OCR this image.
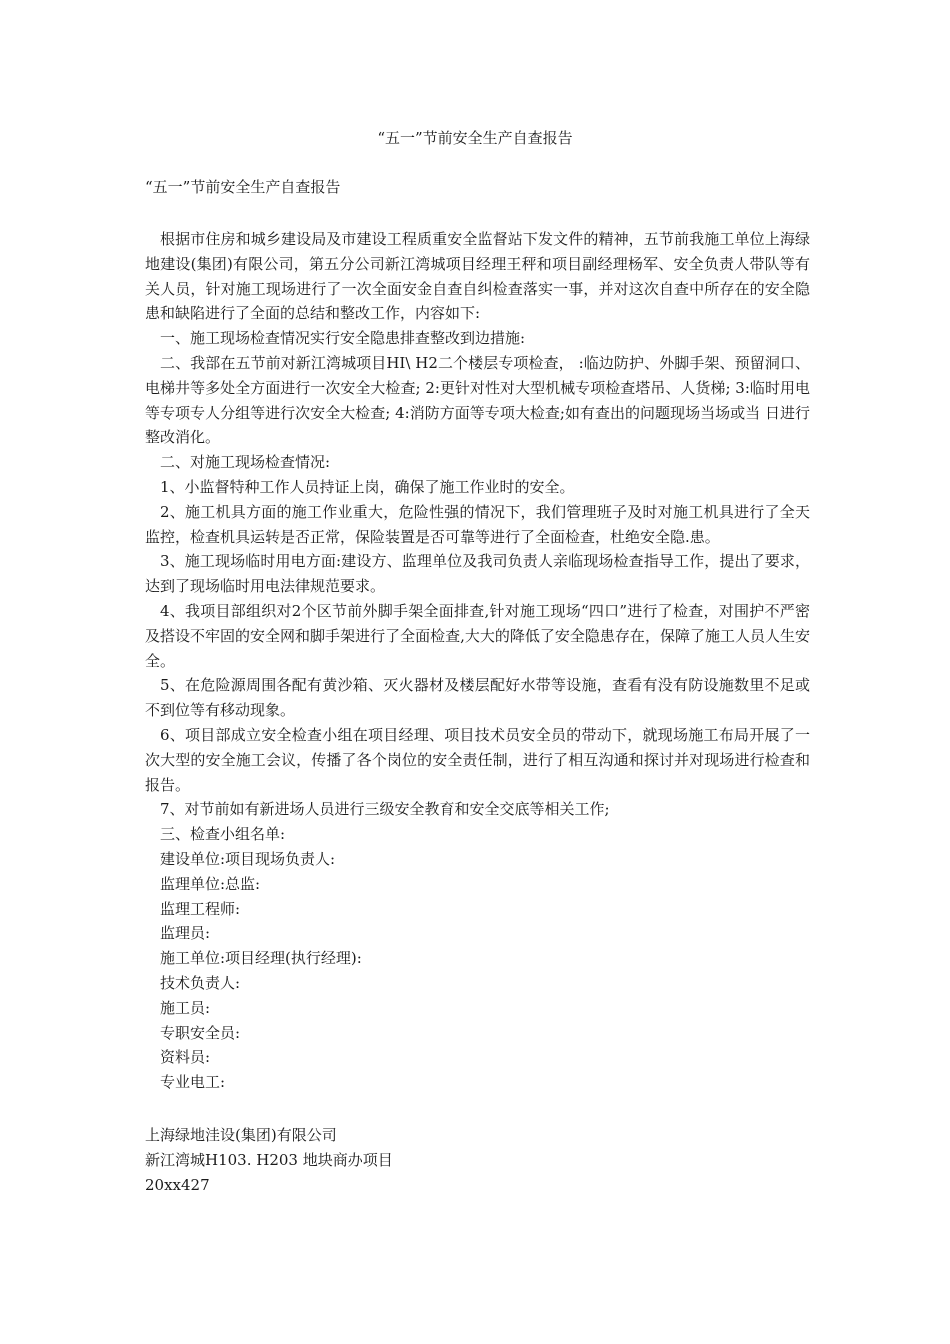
“五一”节前安全生产自查报告
“五一”节前安全生产自查报告

根据市住房和城乡建设局及市建设工程质重安全监督站下发文件的精神，五节前我施工单位上海绿地建设(集团)有限公司，第五分公司新江湾城项目经理王秤和项目副经理杨军、安全负责人带队等有关人员，针对施工现场进行了一次全面安金自查自纠检查落实一事，并对这次自查中所存在的安全隐患和缺陷进行了全面的总结和整改工作，内容如下:

一、施工现场检查情况实行安全隐患排查整改到边措施:

二、我部在五节前对新江湾城项目HI\ H2二个楼层专项检查， :临边防护、外脚手架、预留洞口、电梯井等多处全方面进行一次安全大检查; 2:更针对性对大型机械专项检查塔吊、人货梯; 3:临时用电等专项专人分组等进行次安全大检查; 4:消防方面等专项大检查;如有查出的问题现场当场或当 日进行整改消化。

二、对施工现场检查情况:

1、小监督特种工作人员持证上岗，确保了施工作业时的安全。

2、施工机具方面的施工作业重大，危险性强的情况下，我们管理班子及时对施工机具进行了全天监控，检查机具运转是否正常，保险装置是否可靠等进行了全面检查，杜绝安全隐.患。

3、施工现场临时用电方面:建设方、监理单位及我司负责人亲临现场检查指导工作，提出了要求，达到了现场临时用电法律规范要求。

4、我项目部组织对2个区节前外脚手架全面排查,针对施工现场“四口”进行了检查，对围护不严密及搭设不牢固的安全网和脚手架进行了全面检查,大大的降低了安全隐患存在，保障了施工人员人生安全。

5、在危险源周围各配有黄沙箱、灭火器材及楼层配好水带等设施，查看有没有防设施数里不足或不到位等有移动现象。

6、项目部成立安全检查小组在项目经理、项目技术员安全员的带动下，就现场施工布局开展了一次大型的安全施工会议，传播了各个岗位的安全责任制，进行了相互沟通和探讨并对现场进行检查和报告。

7、对节前如有新进场人员进行三级安全教育和安全交底等相关工作;

三、检查小组名单:

建设单位:项目现场负责人:

监理单位:总监:

监理工程师:

监理员:

施工单位:项目经理(执行经理):

技术负责人:

施工员:

专职安全员:

资料员:

专业电工:

上海绿地洼设(集团)有限公司

新江湾城H103. H203 地块商办项目

20xx427
